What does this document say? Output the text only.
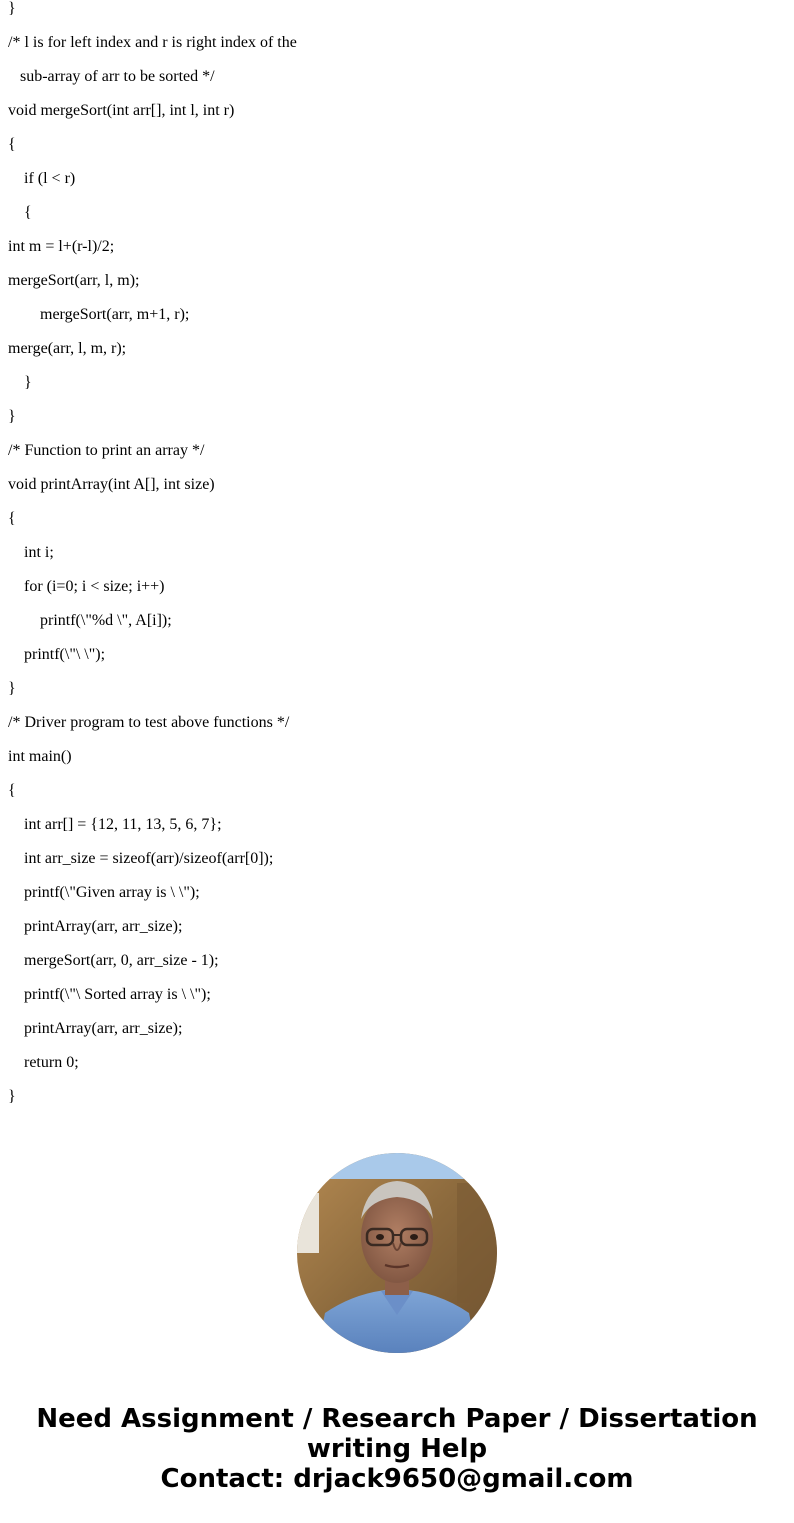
}
/* l is for left index and r is right index of the
sub-array of arr to be sorted */
void mergeSort(int arr[], int l, int r)
{
if (l < r)
{
int m = l+(r-l)/2;
mergeSort(arr, l, m);
mergeSort(arr, m+1, r);
merge(arr, l, m, r);
}
}
/* Function to print an array */
void printArray(int A[], int size)
{
int i;
for (i=0; i < size; i++)
printf(\"%d \", A[i]);
printf(\"\ \");
}
/* Driver program to test above functions */
int main()
{
int arr[] = {12, 11, 13, 5, 6, 7};
int arr_size = sizeof(arr)/sizeof(arr[0]);
printf(\"Given array is \ \");
printArray(arr, arr_size);
mergeSort(arr, 0, arr_size - 1);
printf(\"\ Sorted array is \ \");
printArray(arr, arr_size);
return 0;
}
Need Assignment / Research Paper / Dissertation
writing Help
Contact: drjack9650@gmail.com
